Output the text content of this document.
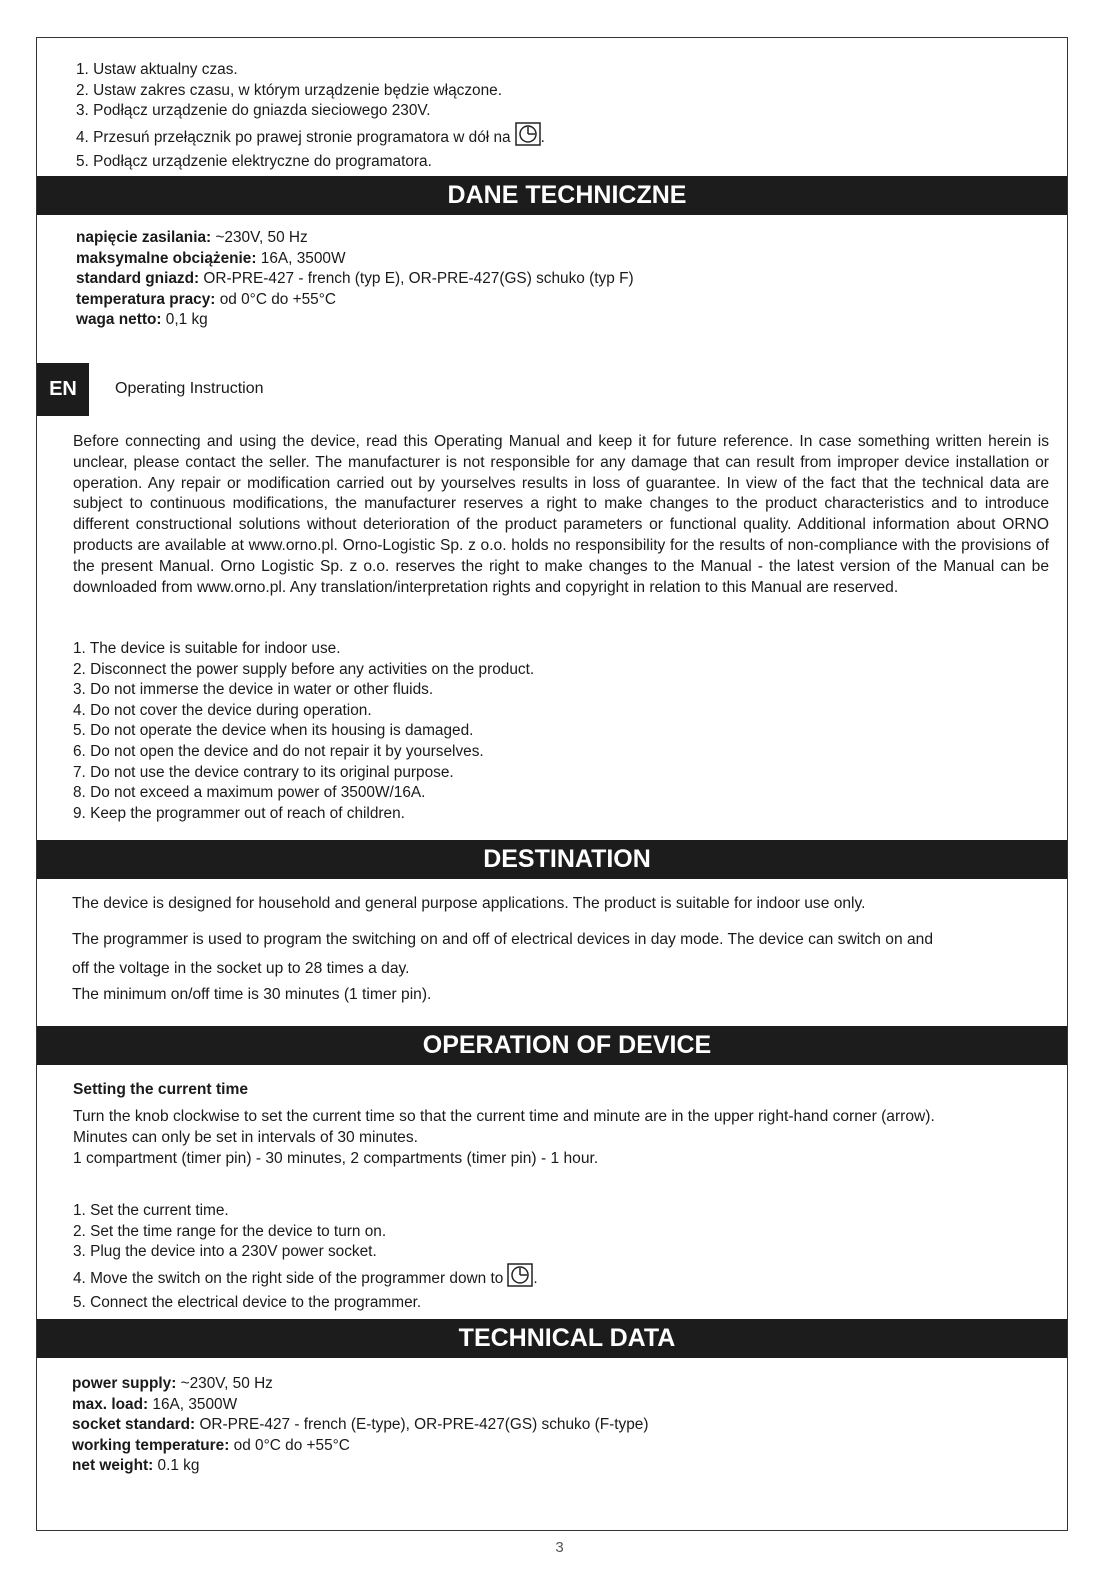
1. Ustaw aktualny czas.
2. Ustaw zakres czasu, w którym urządzenie będzie włączone.
3. Podłącz urządzenie do gniazda sieciowego 230V.
4. Przesuń przełącznik po prawej stronie programatora w dół na .
5. Podłącz urządzenie elektryczne do programatora.
DANE TECHNICZNE
napięcie zasilania: ~230V, 50 Hz
maksymalne obciążenie: 16A, 3500W
standard gniazd: OR-PRE-427 - french (typ E), OR-PRE-427(GS) schuko (typ F)
temperatura pracy: od 0°C do +55°C
waga netto: 0,1 kg
EN	Operating Instruction
Before connecting and using the device, read this Operating Manual and keep it for future reference. In case something written herein is unclear, please contact the seller. The manufacturer is not responsible for any damage that can result from improper device installation or operation. Any repair or modification carried out by yourselves results in loss of guarantee. In view of the fact that the technical data are subject to continuous modifications, the manufacturer reserves a right to make changes to the product characteristics and to introduce different constructional solutions without deterioration of the product parameters or functional quality. Additional information about ORNO products are available at www.orno.pl. Orno-Logistic Sp. z o.o. holds no responsibility for the results of non-compliance with the provisions of the present Manual. Orno Logistic Sp. z o.o. reserves the right to make changes to the Manual - the latest version of the Manual can be downloaded from www.orno.pl. Any translation/interpretation rights and copyright in relation to this Manual are reserved.
1. The device is suitable for indoor use.
2. Disconnect the power supply before any activities on the product.
3. Do not immerse the device in water or other fluids.
4. Do not cover the device during operation.
5. Do not operate the device when its housing is damaged.
6. Do not open the device and do not repair it by yourselves.
7. Do not use the device contrary to its original purpose.
8. Do not exceed a maximum power of 3500W/16A.
9. Keep the programmer out of reach of children.
DESTINATION
The device is designed for household and general purpose applications. The product is suitable for indoor use only.
The programmer is used to program the switching on and off of electrical devices in day mode. The device can switch on and
off the voltage in the socket up to 28 times a day.
The minimum on/off time is 30 minutes (1 timer pin).
OPERATION OF DEVICE
Setting the current time
Turn the knob clockwise to set the current time so that the current time and minute are in the upper right-hand corner (arrow).
Minutes can only be set in intervals of 30 minutes.
1 compartment (timer pin) - 30 minutes, 2 compartments (timer pin) - 1 hour.
1. Set the current time.
2. Set the time range for the device to turn on.
3. Plug the device into a 230V power socket.
4. Move the switch on the right side of the programmer down to .
5. Connect the electrical device to the programmer.
TECHNICAL DATA
power supply: ~230V, 50 Hz
max. load: 16A, 3500W
socket standard: OR-PRE-427 - french (E-type), OR-PRE-427(GS) schuko (F-type)
working temperature: od 0°C do +55°C
net weight: 0.1 kg
3
